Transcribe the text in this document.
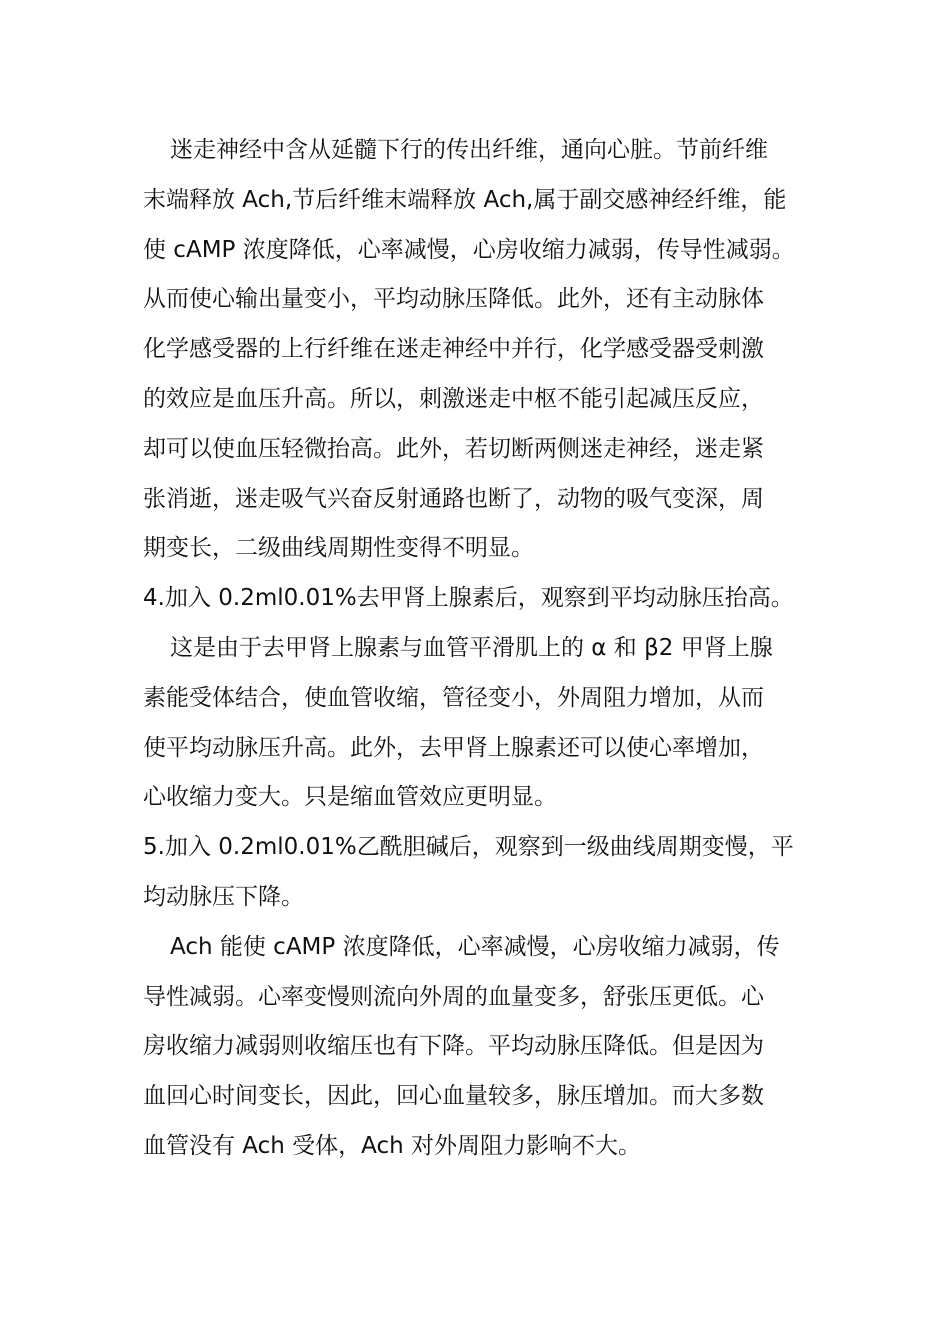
迷走神经中含从延髓下行的传出纤维，通向心脏。节前纤维
末端释放 Ach,节后纤维末端释放 Ach,属于副交感神经纤维，能
使 cAMP 浓度降低，心率减慢，心房收缩力减弱，传导性减弱。
从而使心输出量变小，平均动脉压降低。此外，还有主动脉体
化学感受器的上行纤维在迷走神经中并行，化学感受器受刺激
的效应是血压升高。所以，刺激迷走中枢不能引起减压反应，
却可以使血压轻微抬高。此外，若切断两侧迷走神经，迷走紧
张消逝，迷走吸气兴奋反射通路也断了，动物的吸气变深，周
期变长，二级曲线周期性变得不明显。
4.加入 0.2ml0.01%去甲肾上腺素后，观察到平均动脉压抬高。
这是由于去甲肾上腺素与血管平滑肌上的 α 和 β2 甲肾上腺
素能受体结合，使血管收缩，管径变小，外周阻力增加，从而
使平均动脉压升高。此外，去甲肾上腺素还可以使心率增加，
心收缩力变大。只是缩血管效应更明显。
5.加入 0.2ml0.01%乙酰胆碱后，观察到一级曲线周期变慢，平
均动脉压下降。
Ach 能使 cAMP 浓度降低，心率减慢，心房收缩力减弱，传
导性减弱。心率变慢则流向外周的血量变多，舒张压更低。心
房收缩力减弱则收缩压也有下降。平均动脉压降低。但是因为
血回心时间变长，因此，回心血量较多，脉压增加。而大多数
血管没有 Ach 受体，Ach 对外周阻力影响不大。
